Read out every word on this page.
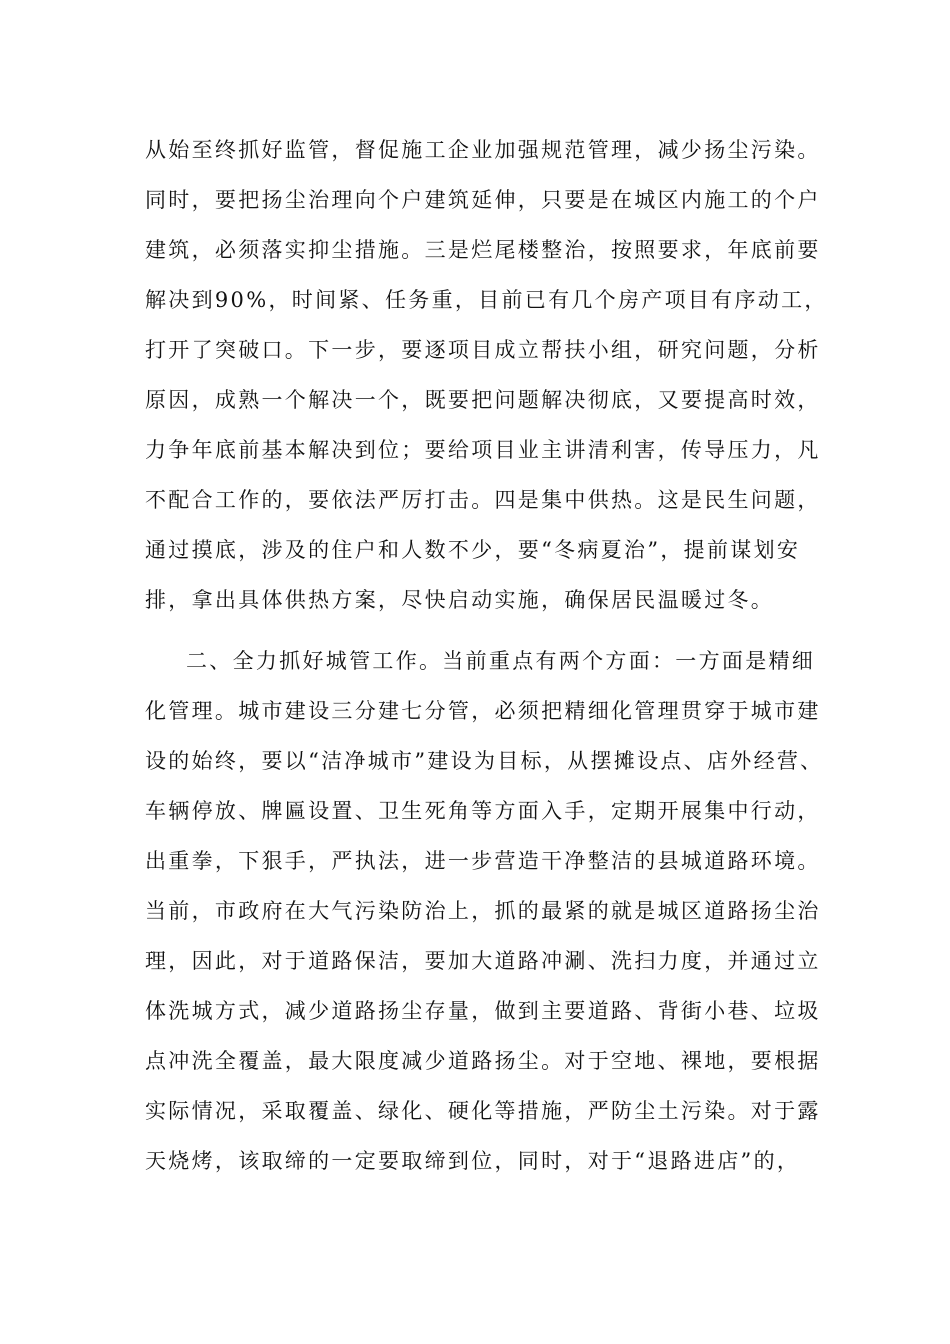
从始至终抓好监管，督促施工企业加强规范管理，减少扬尘污染。
同时，要把扬尘治理向个户建筑延伸，只要是在城区内施工的个户
建筑，必须落实抑尘措施。三是烂尾楼整治，按照要求，年底前要
解决到90%，时间紧、任务重，目前已有几个房产项目有序动工，
打开了突破口。下一步，要逐项目成立帮扶小组，研究问题，分析
原因，成熟一个解决一个，既要把问题解决彻底，又要提高时效，
力争年底前基本解决到位；要给项目业主讲清利害，传导压力，凡
不配合工作的，要依法严厉打击。四是集中供热。这是民生问题，
通过摸底，涉及的住户和人数不少，要“冬病夏治”，提前谋划安
排，拿出具体供热方案，尽快启动实施，确保居民温暖过冬。
二、全力抓好城管工作。当前重点有两个方面：一方面是精细
化管理。城市建设三分建七分管，必须把精细化管理贯穿于城市建
设的始终，要以“洁净城市”建设为目标，从摆摊设点、店外经营、
车辆停放、牌匾设置、卫生死角等方面入手，定期开展集中行动，
出重拳，下狠手，严执法，进一步营造干净整洁的县城道路环境。
当前，市政府在大气污染防治上，抓的最紧的就是城区道路扬尘治
理，因此，对于道路保洁，要加大道路冲涮、洗扫力度，并通过立
体洗城方式，减少道路扬尘存量，做到主要道路、背街小巷、垃圾
点冲洗全覆盖，最大限度减少道路扬尘。对于空地、裸地，要根据
实际情况，采取覆盖、绿化、硬化等措施，严防尘土污染。对于露
天烧烤，该取缔的一定要取缔到位，同时，对于“退路进店”的，
